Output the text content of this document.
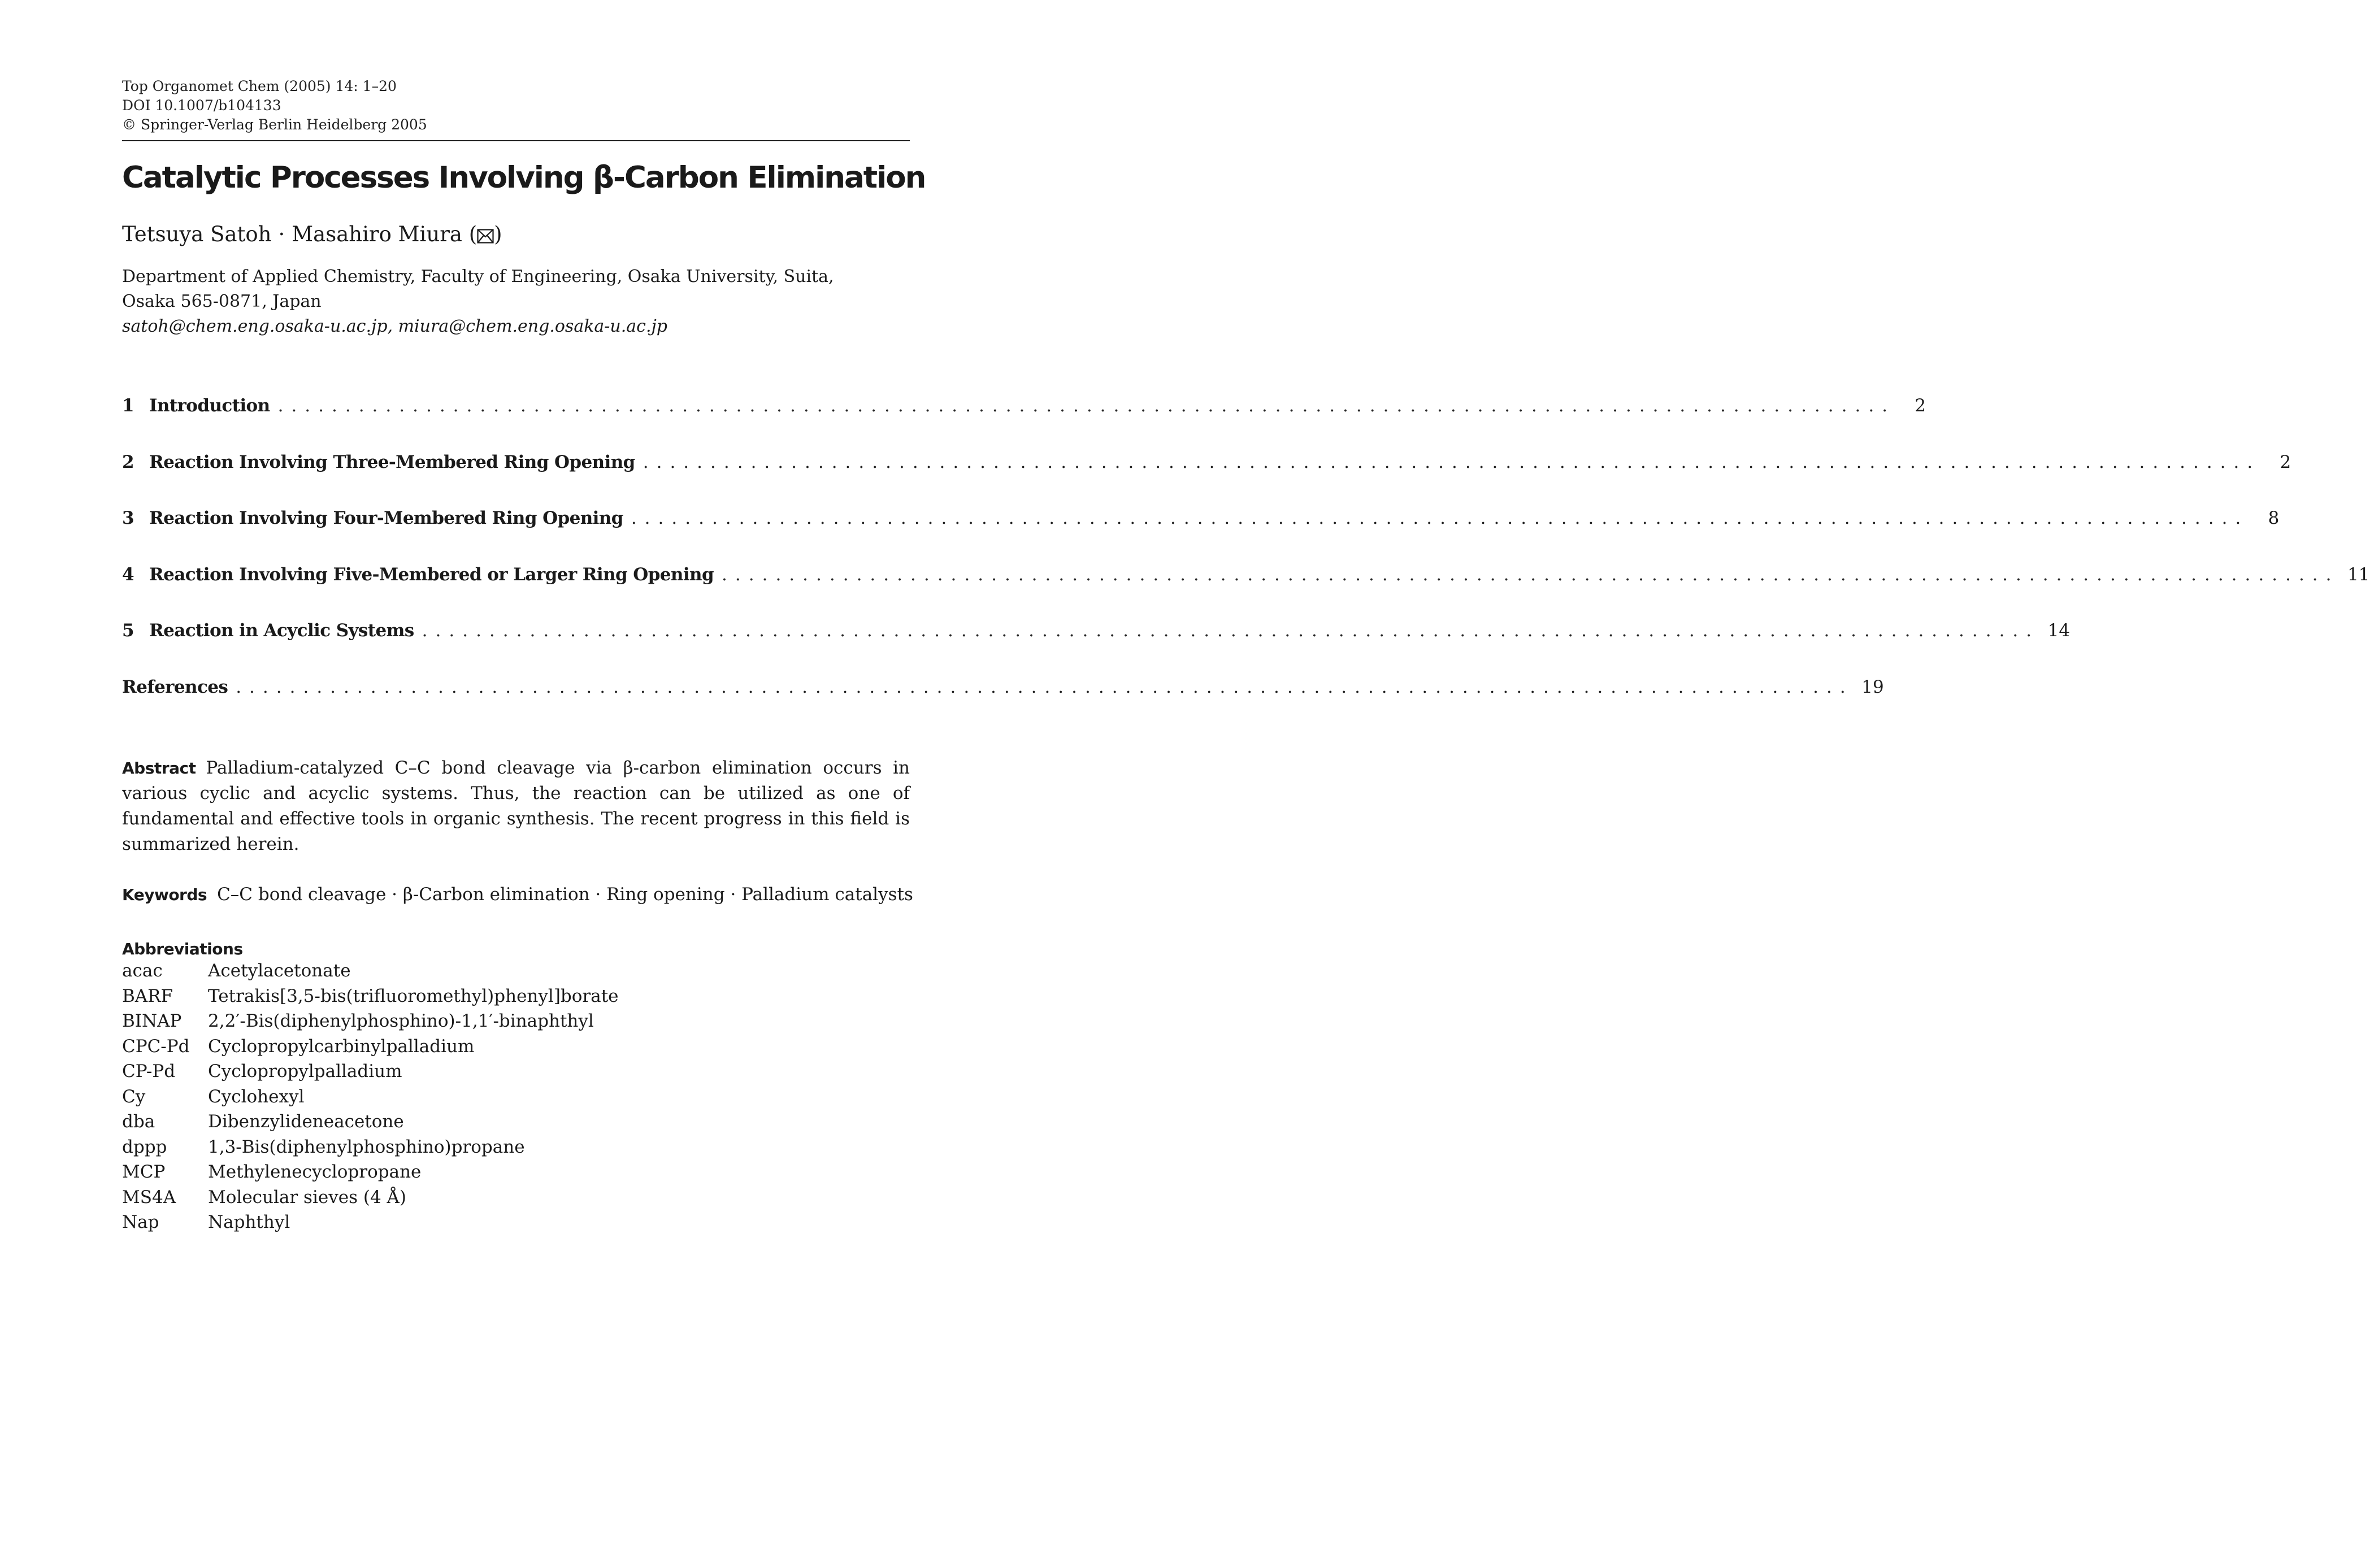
Top Organomet Chem (2005) 14: 1–20
DOI 10.1007/b104133
© Springer-Verlag Berlin Heidelberg 2005
Catalytic Processes Involving β-Carbon Elimination
Tetsuya Satoh · Masahiro Miura ( )
Department of Applied Chemistry, Faculty of Engineering, Osaka University, Suita,
Osaka 565-0871, Japan
satoh@chem.eng.osaka-u.ac.jp, miura@chem.eng.osaka-u.ac.jp
1 Introduction ........................................................................................................................	2
2 Reaction Involving Three-Membered Ring Opening ........................................................................................................................	2
3 Reaction Involving Four-Membered Ring Opening ........................................................................................................................	8
4 Reaction Involving Five-Membered or Larger Ring Opening ........................................................................................................................ 11
5 Reaction in Acyclic Systems ........................................................................................................................ 14
References ........................................................................................................................ 19
Abstract Palladium-catalyzed C–C bond cleavage via β-carbon elimination occurs in various cyclic and acyclic systems. Thus, the reaction can be utilized as one of fundamental and effective tools in organic synthesis. The recent progress in this field is summarized herein.
Keywords C–C bond cleavage · β-Carbon elimination · Ring opening · Palladium catalysts
Abbreviations
acac	Acetylacetonate
BARF	Tetrakis[3,5-bis(trifluoromethyl)phenyl]borate
BINAP	2,2′-Bis(diphenylphosphino)-1,1′-binaphthyl
CPC-Pd	Cyclopropylcarbinylpalladium
CP-Pd	Cyclopropylpalladium
Cy	Cyclohexyl
dba	Dibenzylideneacetone
dppp	1,3-Bis(diphenylphosphino)propane
MCP	Methylenecyclopropane
MS4A	Molecular sieves (4 Å)
Nap	Naphthyl
